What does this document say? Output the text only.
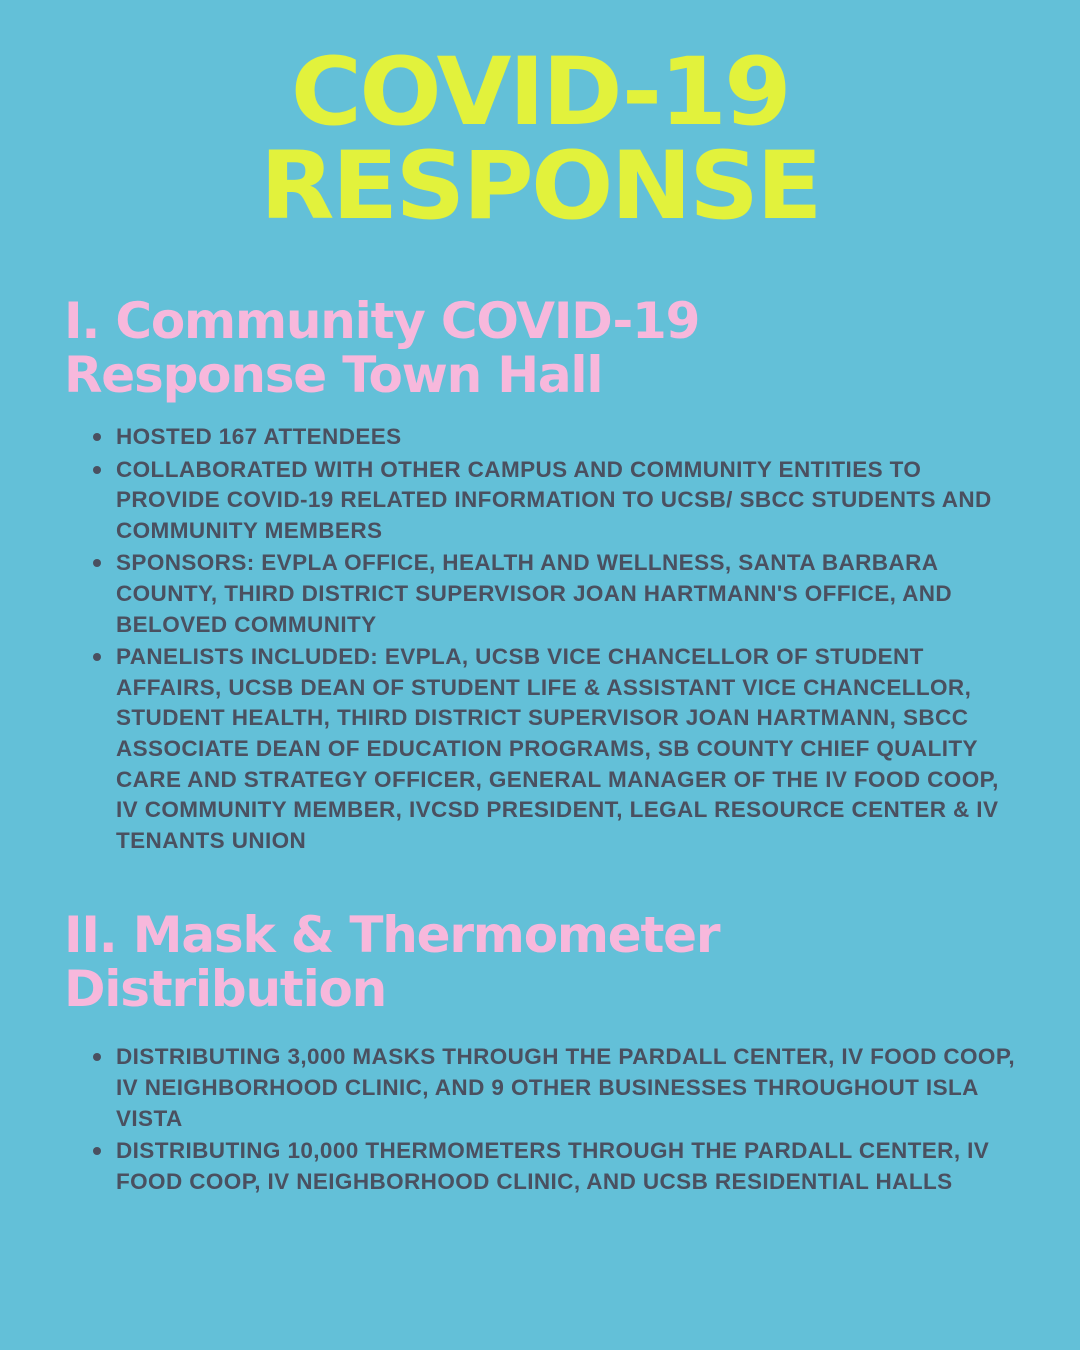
COVID-19 RESPONSE
I. Community COVID-19 Response Town Hall
HOSTED 167 ATTENDEES
COLLABORATED WITH OTHER CAMPUS AND COMMUNITY ENTITIES TO PROVIDE COVID-19 RELATED INFORMATION TO UCSB/ SBCC STUDENTS AND COMMUNITY MEMBERS
SPONSORS: EVPLA OFFICE, HEALTH AND WELLNESS, SANTA BARBARA COUNTY, THIRD DISTRICT SUPERVISOR JOAN HARTMANN'S OFFICE, AND BELOVED COMMUNITY
PANELISTS INCLUDED: EVPLA, UCSB VICE CHANCELLOR OF STUDENT AFFAIRS, UCSB DEAN OF STUDENT LIFE & ASSISTANT VICE CHANCELLOR, STUDENT HEALTH, THIRD DISTRICT SUPERVISOR JOAN HARTMANN, SBCC ASSOCIATE DEAN OF EDUCATION PROGRAMS, SB COUNTY CHIEF QUALITY CARE AND STRATEGY OFFICER, GENERAL MANAGER OF THE IV FOOD COOP, IV COMMUNITY MEMBER, IVCSD PRESIDENT, LEGAL RESOURCE CENTER & IV TENANTS UNION
II. Mask & Thermometer Distribution
DISTRIBUTING 3,000 MASKS THROUGH THE PARDALL CENTER, IV FOOD COOP, IV NEIGHBORHOOD CLINIC, AND 9 OTHER BUSINESSES THROUGHOUT ISLA VISTA
DISTRIBUTING 10,000 THERMOMETERS THROUGH THE PARDALL CENTER, IV FOOD COOP, IV NEIGHBORHOOD CLINIC, AND UCSB RESIDENTIAL HALLS
